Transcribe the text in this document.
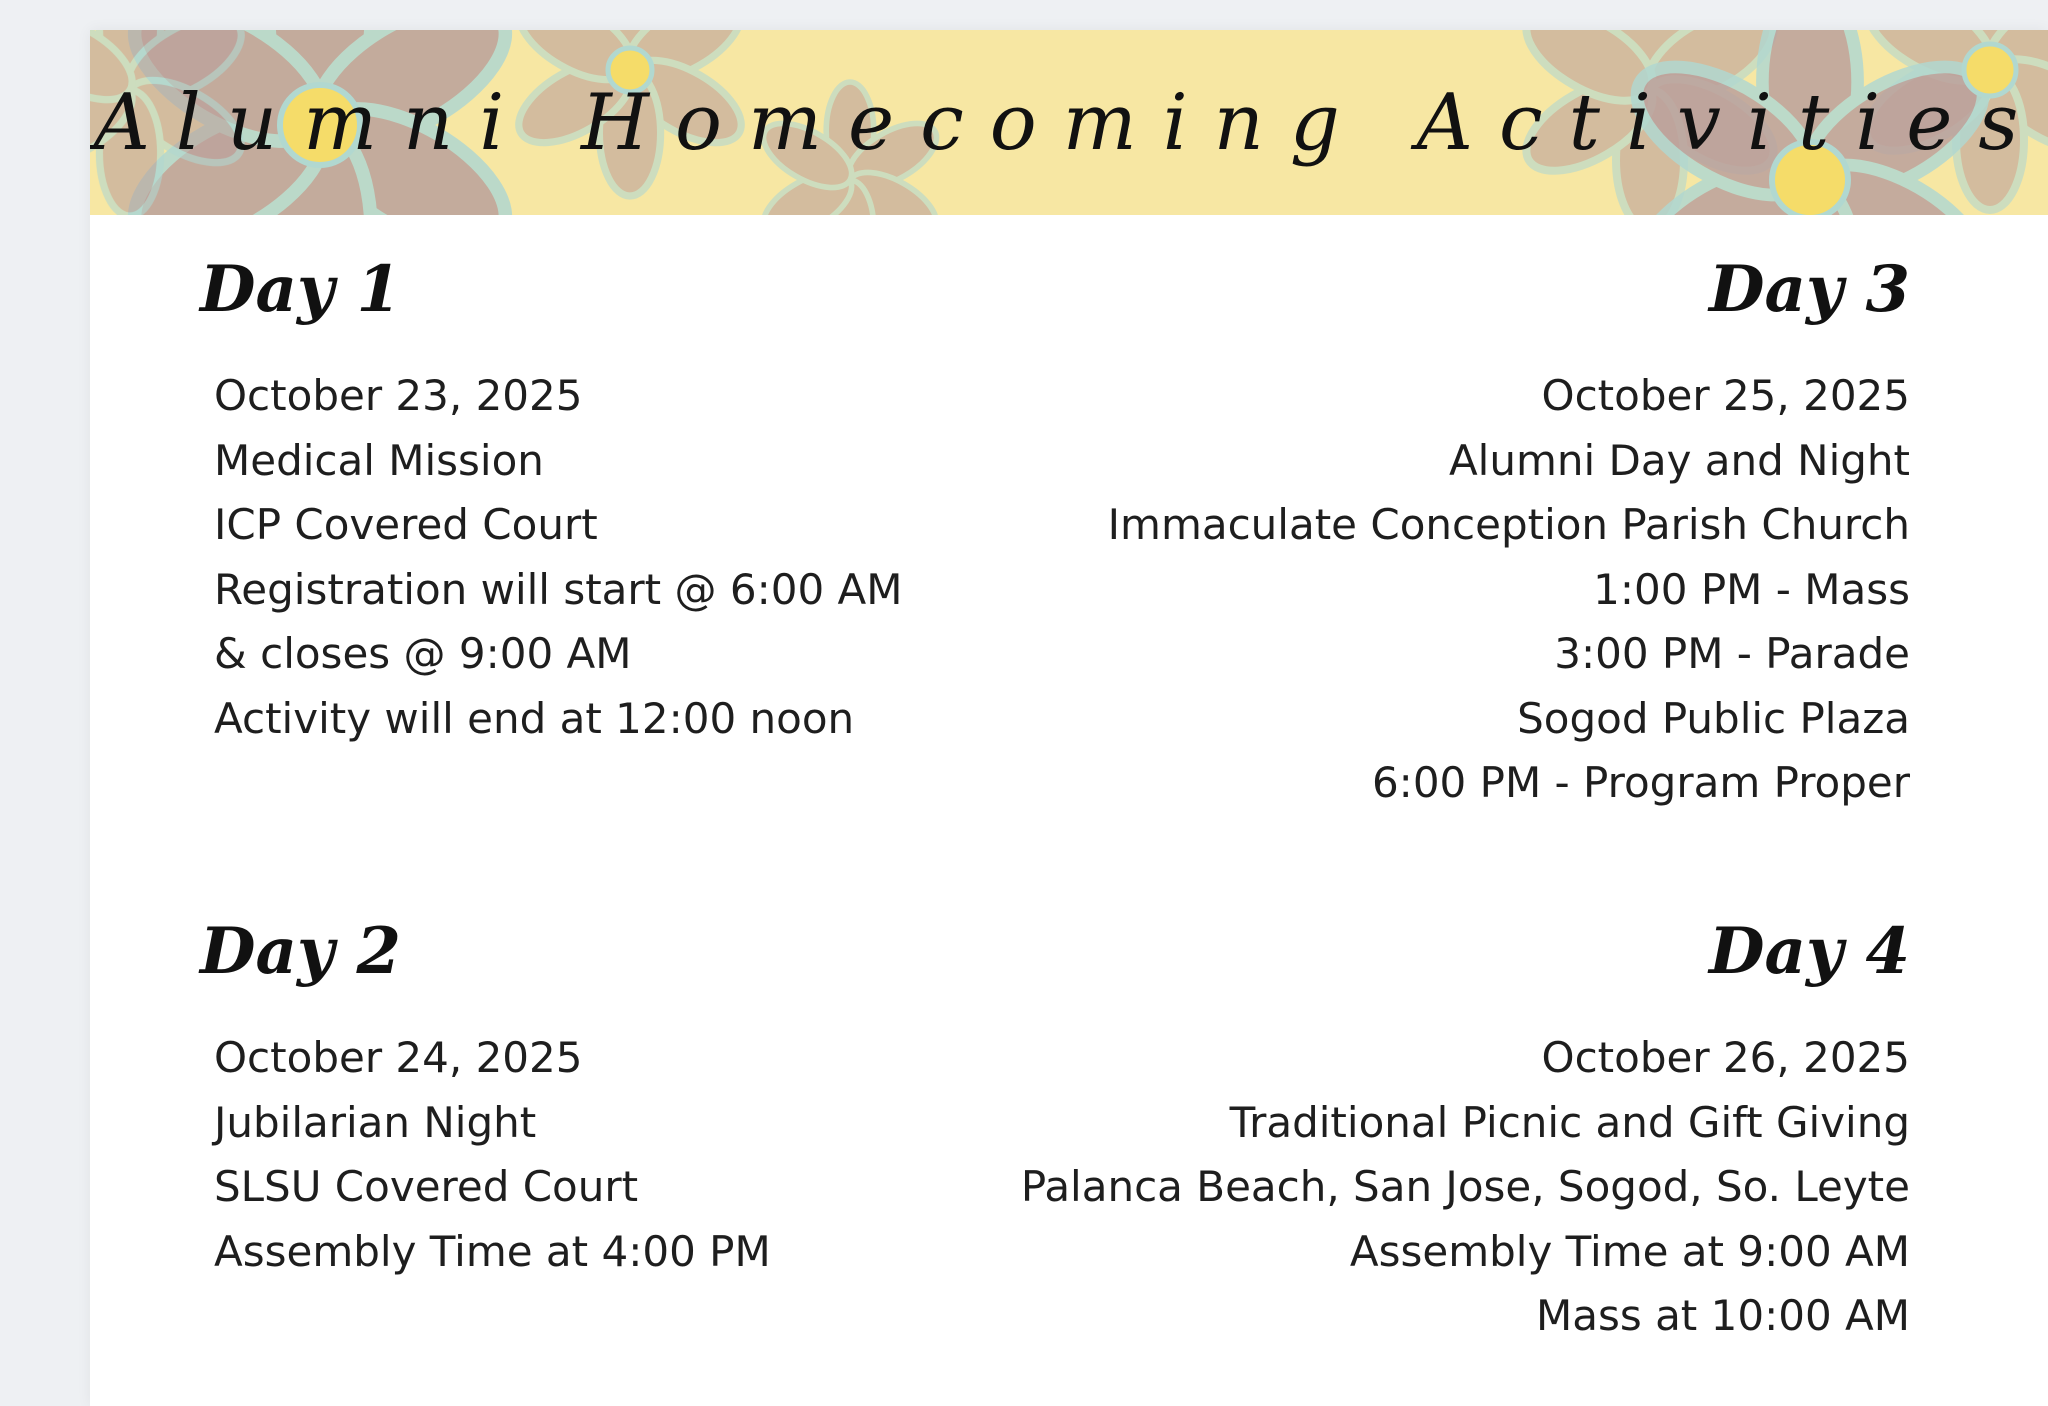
Alumni Homecoming Activities
Day 1
October 23, 2025
Medical Mission
ICP Covered Court
Registration will start @ 6:00 AM
& closes @ 9:00 AM
Activity will end at 12:00 noon
Day 2
October 24, 2025
Jubilarian Night
SLSU Covered Court
Assembly Time at 4:00 PM
Day 3
October 25, 2025
Alumni Day and Night
Immaculate Conception Parish Church
1:00 PM - Mass
3:00 PM - Parade
Sogod Public Plaza
6:00 PM - Program Proper
Day 4
October 26, 2025
Traditional Picnic and Gift Giving
Palanca Beach, San Jose, Sogod, So. Leyte
Assembly Time at 9:00 AM
Mass at 10:00 AM
